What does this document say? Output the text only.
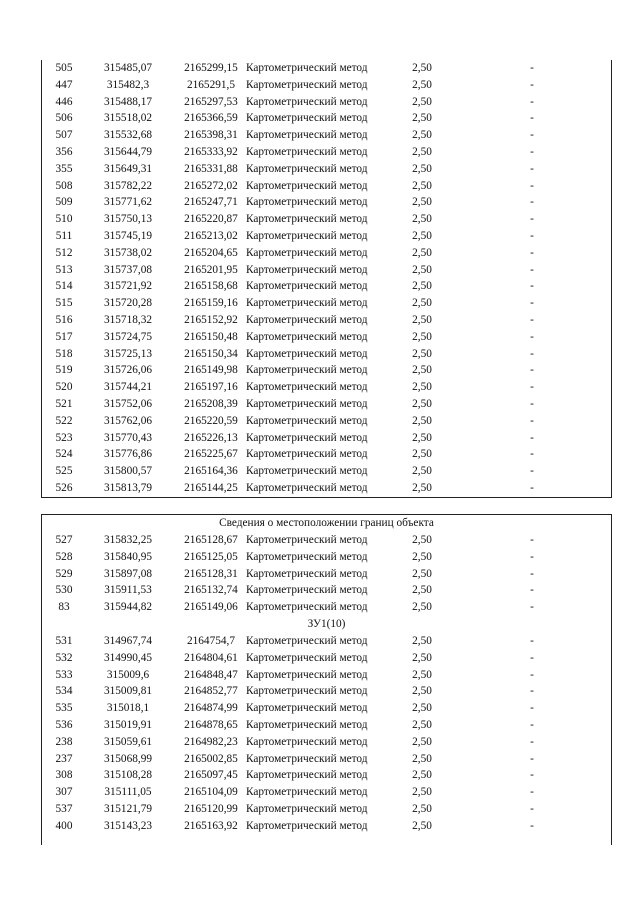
505	315485,07	2165299,15 Картометрический метод	2,50	-
447	315482,3	2165291,5 Картометрический метод	2,50	-
446	315488,17	2165297,53 Картометрический метод	2,50	-
506	315518,02	2165366,59 Картометрический метод	2,50	-
507	315532,68	2165398,31 Картометрический метод	2,50	-
356	315644,79	2165333,92 Картометрический метод	2,50	-
355	315649,31	2165331,88 Картометрический метод	2,50	-
508	315782,22	2165272,02 Картометрический метод	2,50	-
509	315771,62	2165247,71 Картометрический метод	2,50	-
510	315750,13	2165220,87 Картометрический метод	2,50	-
511	315745,19	2165213,02 Картометрический метод	2,50	-
512	315738,02	2165204,65 Картометрический метод	2,50	-
513	315737,08	2165201,95 Картометрический метод	2,50	-
514	315721,92	2165158,68 Картометрический метод	2,50	-
515	315720,28	2165159,16 Картометрический метод	2,50	-
516	315718,32	2165152,92 Картометрический метод	2,50	-
517	315724,75	2165150,48 Картометрический метод	2,50	-
518	315725,13	2165150,34 Картометрический метод	2,50	-
519	315726,06	2165149,98 Картометрический метод	2,50	-
520	315744,21	2165197,16 Картометрический метод	2,50	-
521	315752,06	2165208,39 Картометрический метод	2,50	-
522	315762,06	2165220,59 Картометрический метод	2,50	-
523	315770,43	2165226,13 Картометрический метод	2,50	-
524	315776,86	2165225,67 Картометрический метод	2,50	-
525	315800,57	2165164,36 Картометрический метод	2,50	-
526	315813,79	2165144,25 Картометрический метод	2,50	-
Сведения о местоположении границ объекта
527	315832,25	2165128,67 Картометрический метод	2,50	-
528	315840,95	2165125,05 Картометрический метод	2,50	-
529	315897,08	2165128,31 Картометрический метод	2,50	-
530	315911,53	2165132,74 Картометрический метод	2,50	-
83	315944,82	2165149,06 Картометрический метод	2,50	-
ЗУ1(10)
531	314967,74	2164754,7 Картометрический метод	2,50	-
532	314990,45	2164804,61 Картометрический метод	2,50	-
533	315009,6	2164848,47 Картометрический метод	2,50	-
534	315009,81	2164852,77 Картометрический метод	2,50	-
535	315018,1	2164874,99 Картометрический метод	2,50	-
536	315019,91	2164878,65 Картометрический метод	2,50	-
238	315059,61	2164982,23 Картометрический метод	2,50	-
237	315068,99	2165002,85 Картометрический метод	2,50	-
308	315108,28	2165097,45 Картометрический метод	2,50	-
307	315111,05	2165104,09 Картометрический метод	2,50	-
537	315121,79	2165120,99 Картометрический метод	2,50	-
400	315143,23	2165163,92 Картометрический метод	2,50	-
